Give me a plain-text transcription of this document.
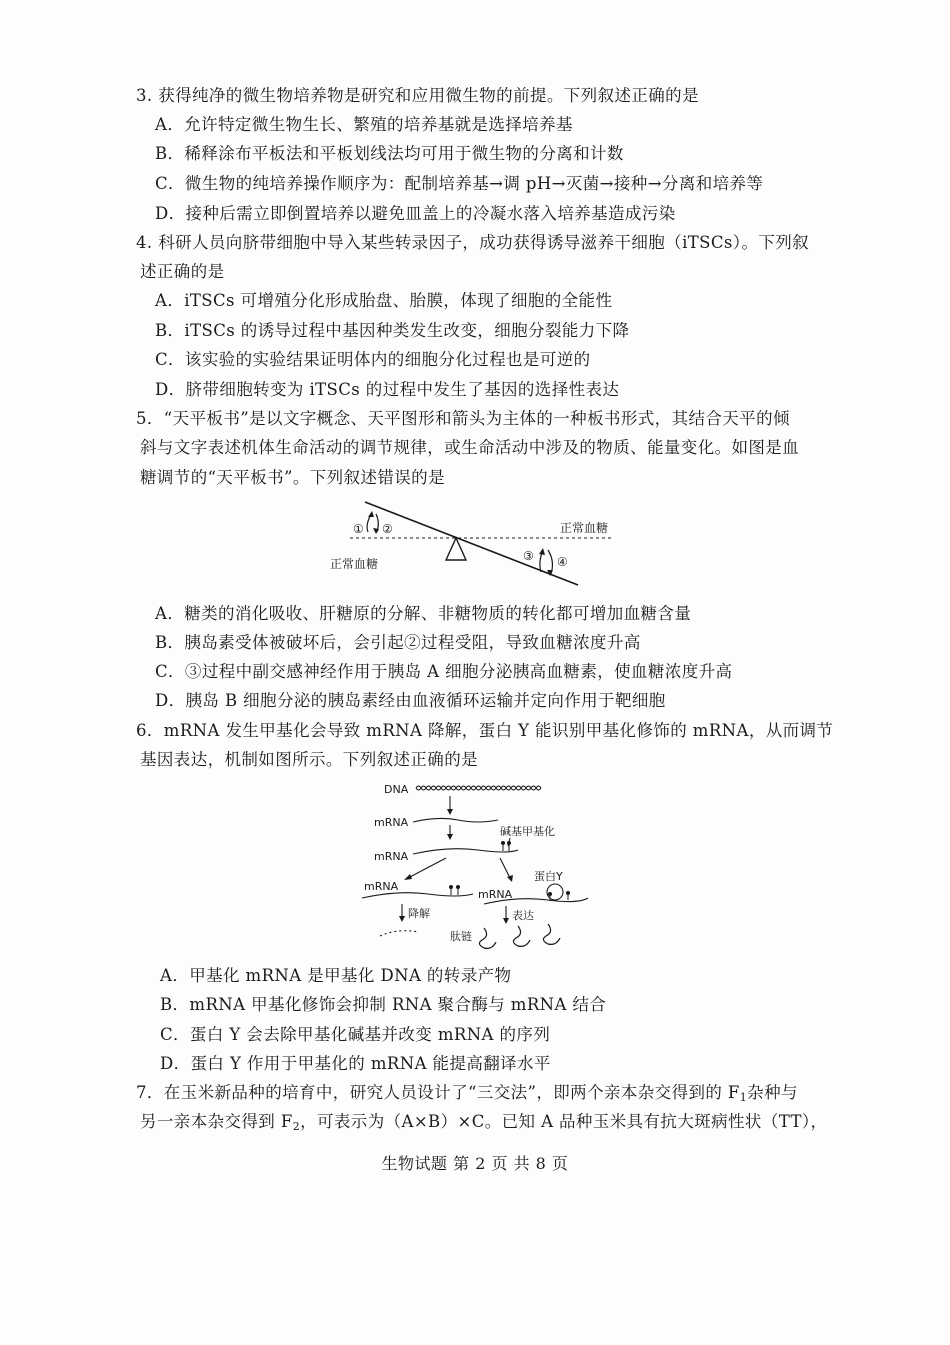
3. 获得纯净的微生物培养物是研究和应用微生物的前提。下列叙述正确的是
A．允许特定微生物生长、繁殖的培养基就是选择培养基
B．稀释涂布平板法和平板划线法均可用于微生物的分离和计数
C．微生物的纯培养操作顺序为：配制培养基→调 pH→灭菌→接种→分离和培养等
D．接种后需立即倒置培养以避免皿盖上的冷凝水落入培养基造成污染
4. 科研人员向脐带细胞中导入某些转录因子，成功获得诱导滋养干细胞（iTSCs）。下列叙
述正确的是
A．iTSCs 可增殖分化形成胎盘、胎膜，体现了细胞的全能性
B．iTSCs 的诱导过程中基因种类发生改变，细胞分裂能力下降
C．该实验的实验结果证明体内的细胞分化过程也是可逆的
D．脐带细胞转变为 iTSCs 的过程中发生了基因的选择性表达
5．“天平板书”是以文字概念、天平图形和箭头为主体的一种板书形式，其结合天平的倾
斜与文字表述机体生命活动的调节规律，或生命活动中涉及的物质、能量变化。如图是血
糖调节的“天平板书”。下列叙述错误的是
① ②
③ ④
正常血糖
正常血糖
A．糖类的消化吸收、肝糖原的分解、非糖物质的转化都可增加血糖含量
B．胰岛素受体被破坏后，会引起②过程受阻，导致血糖浓度升高
C．③过程中副交感神经作用于胰岛 A 细胞分泌胰高血糖素，使血糖浓度升高
D．胰岛 B 细胞分泌的胰岛素经由血液循环运输并定向作用于靶细胞
6．mRNA 发生甲基化会导致 mRNA 降解，蛋白 Y 能识别甲基化修饰的 mRNA，从而调节
基因表达，机制如图所示。下列叙述正确的是
DNA
mRNA
碱基甲基化
mRNA
mRNA
mRNA
蛋白Y
降解	表达
肽链
A．甲基化 mRNA 是甲基化 DNA 的转录产物
B．mRNA 甲基化修饰会抑制 RNA 聚合酶与 mRNA 结合
C．蛋白 Y 会去除甲基化碱基并改变 mRNA 的序列
D．蛋白 Y 作用于甲基化的 mRNA 能提高翻译水平
7．在玉米新品种的培育中，研究人员设计了“三交法”，即两个亲本杂交得到的 $F_1$杂种与
另一亲本杂交得到 $F_2$，可表示为（A×B）×C。已知 A 品种玉米具有抗大斑病性状（TT），
生物试题 第 2 页 共 8 页
